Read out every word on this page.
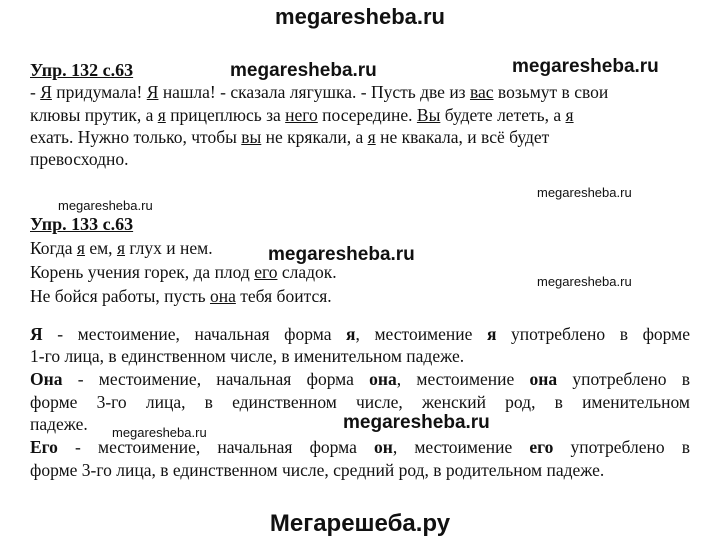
megaresheba.ru
Мегарешеба.ру
megaresheba.ru	megaresheba.ru
megaresheba.ru
megaresheba.ru
megaresheba.ru
megaresheba.ru
megaresheba.ru
megaresheba.ru
Упр. 132 с.63
- Я придумала! Я нашла! - сказала лягушка. - Пусть две из вас возьмут в свои
клювы прутик, а я прицеплюсь за него посередине. Вы будете лететь, а я
ехать. Нужно только, чтобы вы не крякали, а я не квакала, и всё будет
превосходно.
Упр. 133 с.63
Когда я ем, я глух и нем.
Корень учения горек, да плод его сладок.
Не бойся работы, пусть она тебя боится.
Я - местоимение, начальная форма я, местоимение я употреблено в форме
1-го лица, в единственном числе, в именительном падеже.
Она - местоимение, начальная форма она, местоимение она употреблено в
форме 3-го лица, в единственном числе, женский род, в именительном
падеже.
Его - местоимение, начальная форма он, местоимение его употреблено в
форме 3-го лица, в единственном числе, средний род, в родительном падеже.
